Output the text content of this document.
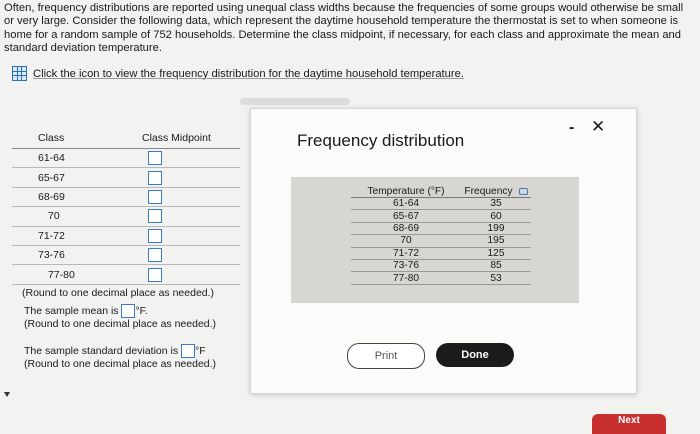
Often, frequency distributions are reported using unequal class widths because the frequencies of some groups would otherwise be small or very large. Consider the following data, which represent the daytime household temperature the thermostat is set to when someone is home for a random sample of 752 households. Determine the class midpoint, if necessary, for each class and approximate the mean and standard deviation temperature.

Click the icon to view the frequency distribution for the daytime household temperature.
Class	Class Midpoint
61-64
65-67
68-69
70
71-72
73-76
77-80
(Round to one decimal place as needed.)
The sample mean is °F.
(Round to one decimal place as needed.)
The sample standard deviation is °F
(Round to one decimal place as needed.)
Frequency distribution
- ✕
Temperature (°F)	Frequency
61-64	35
65-67	60
68-69	199
70	195
71-72	125
73-76	85
77-80	53
Print	Done
Next
